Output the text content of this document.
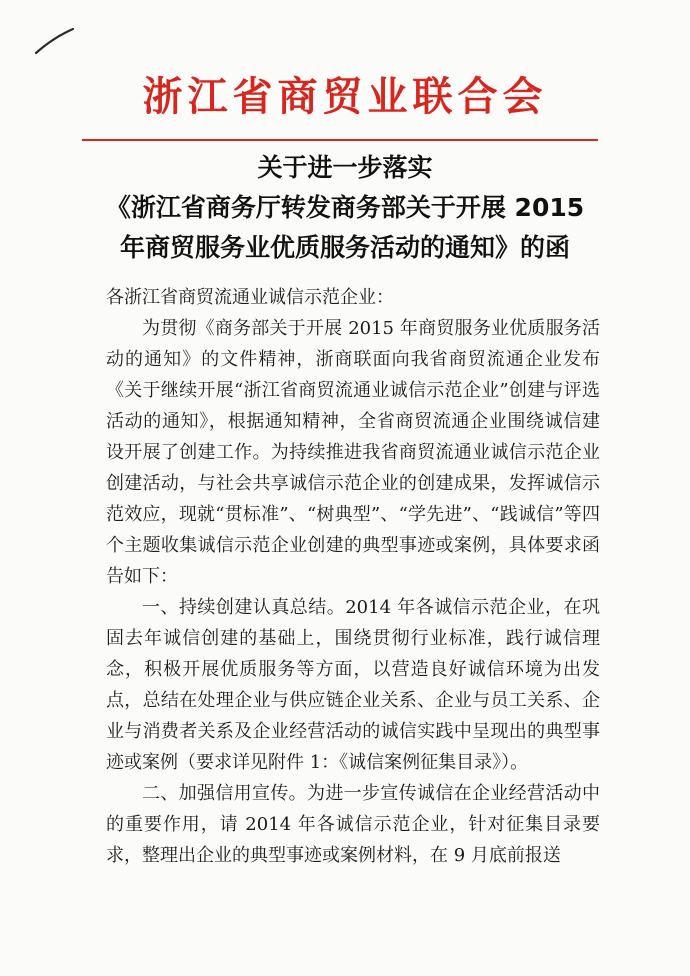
浙江省商贸业联合会
关于进一步落实
《浙江省商务厅转发商务部关于开展 2015
年商贸服务业优质服务活动的通知》的函

各浙江省商贸流通业诚信示范企业：

为贯彻《商务部关于开展 2015 年商贸服务业优质服务活动的通知》的文件精神，浙商联面向我省商贸流通企业发布《关于继续开展“浙江省商贸流通业诚信示范企业”创建与评选活动的通知》，根据通知精神，全省商贸流通企业围绕诚信建设开展了创建工作。为持续推进我省商贸流通业诚信示范企业创建活动，与社会共享诚信示范企业的创建成果，发挥诚信示范效应，现就“贯标准”、“树典型”、“学先进”、“践诚信”等四个主题收集诚信示范企业创建的典型事迹或案例，具体要求函告如下：

一、持续创建认真总结。2014 年各诚信示范企业，在巩固去年诚信创建的基础上，围绕贯彻行业标准，践行诚信理念，积极开展优质服务等方面，以营造良好诚信环境为出发点，总结在处理企业与供应链企业关系、企业与员工关系、企业与消费者关系及企业经营活动的诚信实践中呈现出的典型事迹或案例（要求详见附件 1：《诚信案例征集目录》）。

二、加强信用宣传。为进一步宣传诚信在企业经营活动中的重要作用，请 2014 年各诚信示范企业，针对征集目录要求，整理出企业的典型事迹或案例材料，在 9 月底前报送
